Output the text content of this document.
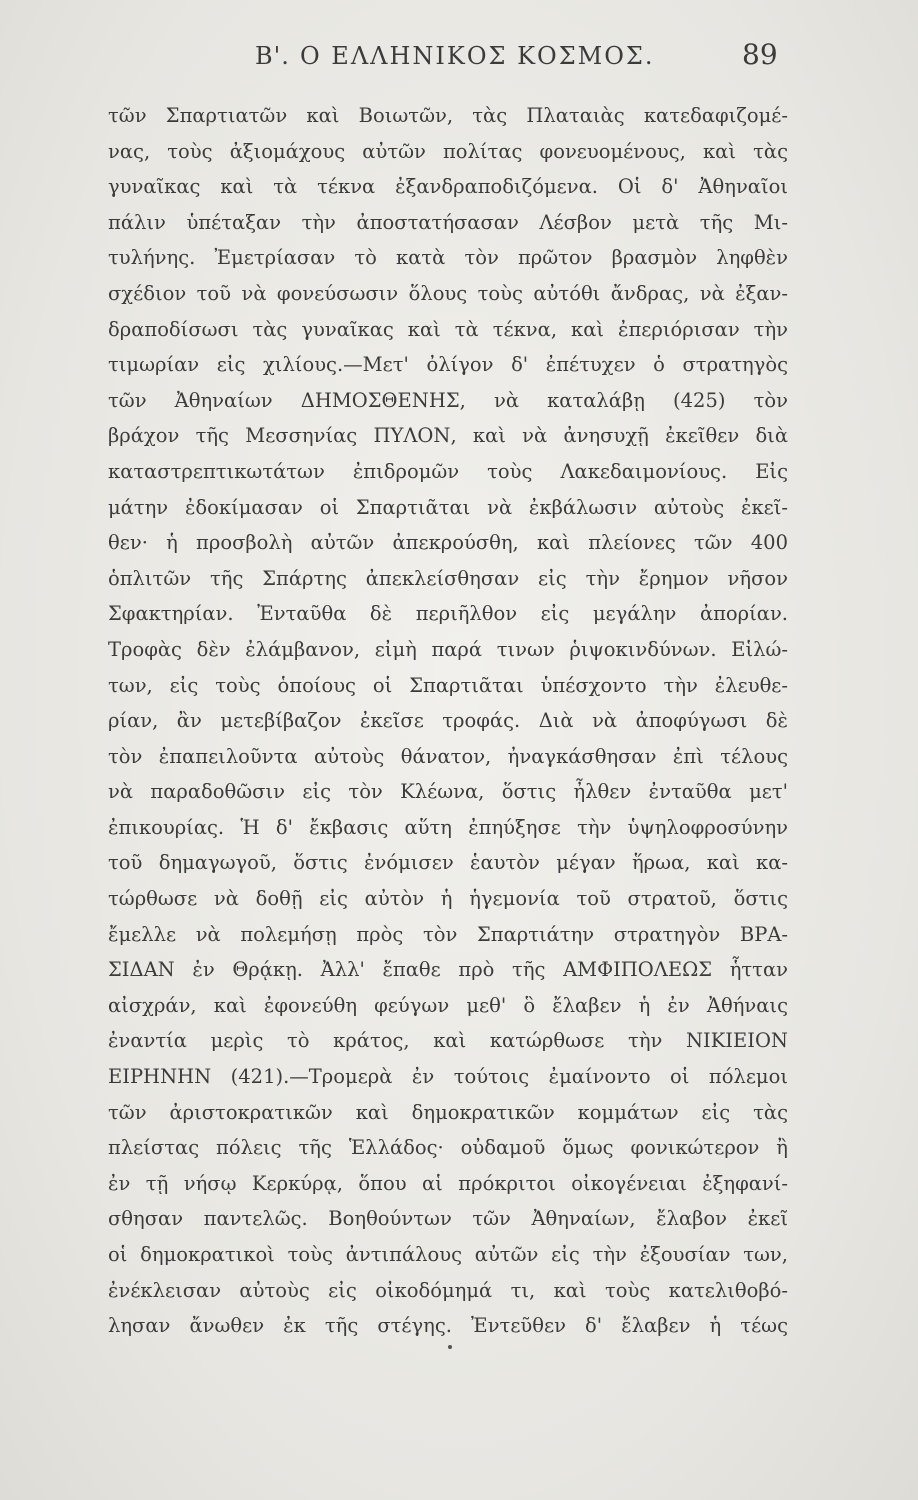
Β'. Ο ΕΛΛΗΝΙΚΟΣ ΚΟΣΜΟΣ.	89
τῶν Σπαρτιατῶν καὶ Βοιωτῶν, τὰς Πλαταιὰς κατεδαφιζομέ-
νας, τοὺς ἀξιομάχους αὐτῶν πολίτας φονευομένους, καὶ τὰς
γυναῖκας καὶ τὰ τέκνα ἐξανδραποδιζόμενα. Οἱ δ' Ἀθηναῖοι
πάλιν ὑπέταξαν τὴν ἀποστατήσασαν Λέσβον μετὰ τῆς Μι-
τυλήνης. Ἐμετρίασαν τὸ κατὰ τὸν πρῶτον βρασμὸν ληφθὲν
σχέδιον τοῦ νὰ φονεύσωσιν ὅλους τοὺς αὐτόθι ἄνδρας, νὰ ἐξαν-
δραποδίσωσι τὰς γυναῖκας καὶ τὰ τέκνα, καὶ ἐπεριόρισαν τὴν
τιμωρίαν εἰς χιλίους.—Μετ' ὀλίγον δ' ἐπέτυχεν ὁ στρατηγὸς
τῶν Ἀθηναίων ΔΗΜΟΣΘΕΝΗΣ, νὰ καταλάβῃ (425) τὸν
βράχον τῆς Μεσσηνίας ΠΥΛΟΝ, καὶ νὰ ἀνησυχῇ ἐκεῖθεν διὰ
καταστρεπτικωτάτων ἐπιδρομῶν τοὺς Λακεδαιμονίους. Εἰς
μάτην ἐδοκίμασαν οἱ Σπαρτιᾶται νὰ ἐκβάλωσιν αὐτοὺς ἐκεῖ-
θεν· ἡ προσβολὴ αὐτῶν ἀπεκρούσθη, καὶ πλείονες τῶν 400
ὁπλιτῶν τῆς Σπάρτης ἀπεκλείσθησαν εἰς τὴν ἔρημον νῆσον
Σφακτηρίαν. Ἐνταῦθα δὲ περιῆλθον εἰς μεγάλην ἀπορίαν.
Τροφὰς δὲν ἐλάμβανον, εἰμὴ παρά τινων ῥιψοκινδύνων. Εἱλώ-
των, εἰς τοὺς ὁποίους οἱ Σπαρτιᾶται ὑπέσχοντο τὴν ἐλευθε-
ρίαν, ἂν μετεβίβαζον ἐκεῖσε τροφάς. Διὰ νὰ ἀποφύγωσι δὲ
τὸν ἐπαπειλοῦντα αὐτοὺς θάνατον, ἠναγκάσθησαν ἐπὶ τέλους
νὰ παραδοθῶσιν εἰς τὸν Κλέωνα, ὅστις ἦλθεν ἐνταῦθα μετ'
ἐπικουρίας. Ἡ δ' ἔκβασις αὕτη ἐπηύξησε τὴν ὑψηλοφροσύνην
τοῦ δημαγωγοῦ, ὅστις ἐνόμισεν ἑαυτὸν μέγαν ἥρωα, καὶ κα-
τώρθωσε νὰ δοθῇ εἰς αὐτὸν ἡ ἡγεμονία τοῦ στρατοῦ, ὅστις
ἔμελλε νὰ πολεμήσῃ πρὸς τὸν Σπαρτιάτην στρατηγὸν ΒΡΑ-
ΣΙΔΑΝ ἐν Θρᾴκῃ. Ἀλλ' ἔπαθε πρὸ τῆς ΑΜΦΙΠΟΛΕΩΣ ἧτταν
αἰσχράν, καὶ ἐφονεύθη φεύγων μεθ' ὃ ἔλαβεν ἡ ἐν Ἀθήναις
ἐναντία μερὶς τὸ κράτος, καὶ κατώρθωσε τὴν ΝΙΚΙΕΙΟΝ
ΕΙΡΗΝΗΝ (421).—Τρομερὰ ἐν τούτοις ἐμαίνοντο οἱ πόλεμοι
τῶν ἀριστοκρατικῶν καὶ δημοκρατικῶν κομμάτων εἰς τὰς
πλείστας πόλεις τῆς Ἑλλάδος· οὐδαμοῦ ὅμως φονικώτερον ἢ
ἐν τῇ νήσῳ Κερκύρᾳ, ὅπου αἱ πρόκριτοι οἰκογένειαι ἐξηφανί-
σθησαν παντελῶς. Βοηθούντων τῶν Ἀθηναίων, ἔλαβον ἐκεῖ
οἱ δημοκρατικοὶ τοὺς ἀντιπάλους αὐτῶν εἰς τὴν ἐξουσίαν των,
ἐνέκλεισαν αὐτοὺς εἰς οἰκοδόμημά τι, καὶ τοὺς κατελιθοβό-
λησαν ἄνωθεν ἐκ τῆς στέγης. Ἐντεῦθεν δ' ἔλαβεν ἡ τέως
